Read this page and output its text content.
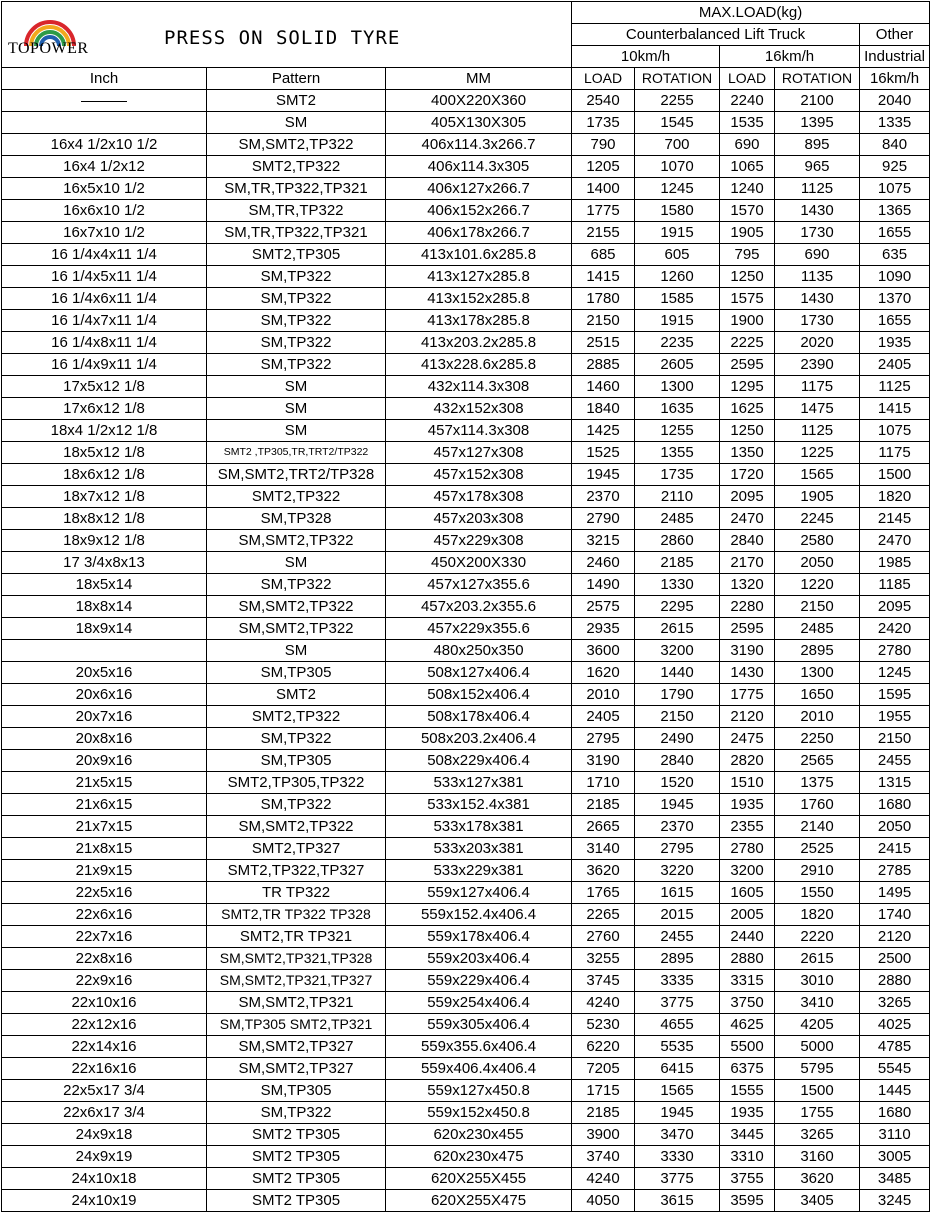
TOPOWER PRESS ON SOLID TYRE			MAX.LOAD(kg)				
			Counterbalanced Lift Truck				Other
			10km/h		16km/h		Industrial
Inch	Pattern	MM	LOAD	ROTATION	LOAD	ROTATION	16km/h
	SMT2	400X220X360	2540	2255	2240	2100	2040
	SM	405X130X305	1735	1545	1535	1395	1335
16x4 1/2x10 1/2	SM,SMT2,TP322	406x114.3x266.7	790	700	690	895	840
16x4 1/2x12	SMT2,TP322	406x114.3x305	1205	1070	1065	965	925
16x5x10 1/2	SM,TR,TP322,TP321	406x127x266.7	1400	1245	1240	1125	1075
16x6x10 1/2	SM,TR,TP322	406x152x266.7	1775	1580	1570	1430	1365
16x7x10 1/2	SM,TR,TP322,TP321	406x178x266.7	2155	1915	1905	1730	1655
16 1/4x4x11 1/4	SMT2,TP305	413x101.6x285.8	685	605	795	690	635
16 1/4x5x11 1/4	SM,TP322	413x127x285.8	1415	1260	1250	1135	1090
16 1/4x6x11 1/4	SM,TP322	413x152x285.8	1780	1585	1575	1430	1370
16 1/4x7x11 1/4	SM,TP322	413x178x285.8	2150	1915	1900	1730	1655
16 1/4x8x11 1/4	SM,TP322	413x203.2x285.8	2515	2235	2225	2020	1935
16 1/4x9x11 1/4	SM,TP322	413x228.6x285.8	2885	2605	2595	2390	2405
17x5x12 1/8	SM	432x114.3x308	1460	1300	1295	1175	1125
17x6x12 1/8	SM	432x152x308	1840	1635	1625	1475	1415
18x4 1/2x12 1/8	SM	457x114.3x308	1425	1255	1250	1125	1075
18x5x12 1/8	SMT2 ,TP305,TR,TRT2/TP322	457x127x308	1525	1355	1350	1225	1175
18x6x12 1/8	SM,SMT2,TRT2/TP328	457x152x308	1945	1735	1720	1565	1500
18x7x12 1/8	SMT2,TP322	457x178x308	2370	2110	2095	1905	1820
18x8x12 1/8	SM,TP328	457x203x308	2790	2485	2470	2245	2145
18x9x12 1/8	SM,SMT2,TP322	457x229x308	3215	2860	2840	2580	2470
17 3/4x8x13	SM	450X200X330	2460	2185	2170	2050	1985
18x5x14	SM,TP322	457x127x355.6	1490	1330	1320	1220	1185
18x8x14	SM,SMT2,TP322	457x203.2x355.6	2575	2295	2280	2150	2095
18x9x14	SM,SMT2,TP322	457x229x355.6	2935	2615	2595	2485	2420
	SM	480x250x350	3600	3200	3190	2895	2780
20x5x16	SM,TP305	508x127x406.4	1620	1440	1430	1300	1245
20x6x16	SMT2	508x152x406.4	2010	1790	1775	1650	1595
20x7x16	SMT2,TP322	508x178x406.4	2405	2150	2120	2010	1955
20x8x16	SM,TP322	508x203.2x406.4	2795	2490	2475	2250	2150
20x9x16	SM,TP305	508x229x406.4	3190	2840	2820	2565	2455
21x5x15	SMT2,TP305,TP322	533x127x381	1710	1520	1510	1375	1315
21x6x15	SM,TP322	533x152.4x381	2185	1945	1935	1760	1680
21x7x15	SM,SMT2,TP322	533x178x381	2665	2370	2355	2140	2050
21x8x15	SMT2,TP327	533x203x381	3140	2795	2780	2525	2415
21x9x15	SMT2,TP322,TP327	533x229x381	3620	3220	3200	2910	2785
22x5x16	TR TP322	559x127x406.4	1765	1615	1605	1550	1495
22x6x16	SMT2,TR TP322 TP328	559x152.4x406.4	2265	2015	2005	1820	1740
22x7x16	SMT2,TR TP321	559x178x406.4	2760	2455	2440	2220	2120
22x8x16	SM,SMT2,TP321,TP328	559x203x406.4	3255	2895	2880	2615	2500
22x9x16	SM,SMT2,TP321,TP327	559x229x406.4	3745	3335	3315	3010	2880
22x10x16	SM,SMT2,TP321	559x254x406.4	4240	3775	3750	3410	3265
22x12x16	SM,TP305 SMT2,TP321	559x305x406.4	5230	4655	4625	4205	4025
22x14x16	SM,SMT2,TP327	559x355.6x406.4	6220	5535	5500	5000	4785
22x16x16	SM,SMT2,TP327	559x406.4x406.4	7205	6415	6375	5795	5545
22x5x17 3/4	SM,TP305	559x127x450.8	1715	1565	1555	1500	1445
22x6x17 3/4	SM,TP322	559x152x450.8	2185	1945	1935	1755	1680
24x9x18	SMT2 TP305	620x230x455	3900	3470	3445	3265	3110
24x9x19	SMT2 TP305	620x230x475	3740	3330	3310	3160	3005
24x10x18	SMT2 TP305	620X255X455	4240	3775	3755	3620	3485
24x10x19	SMT2 TP305	620X255X475	4050	3615	3595	3405	3245
